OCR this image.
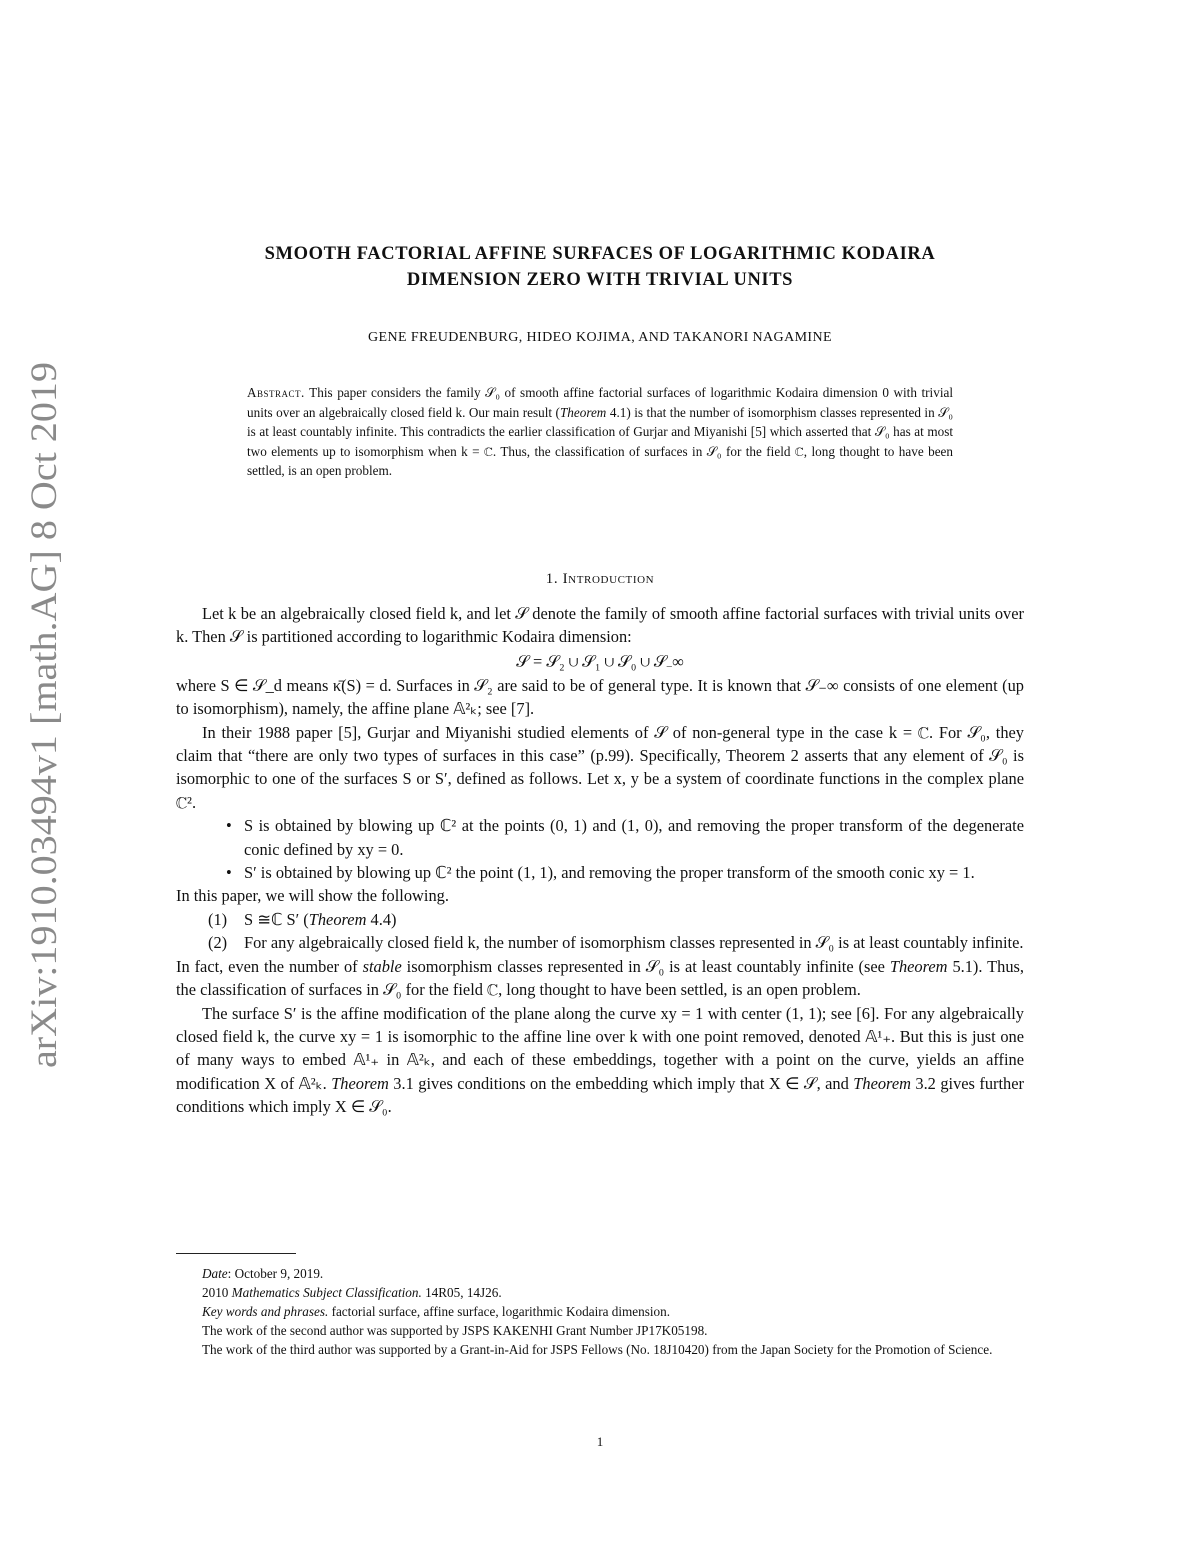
arXiv:1910.03494v1 [math.AG] 8 Oct 2019
SMOOTH FACTORIAL AFFINE SURFACES OF LOGARITHMIC KODAIRA
DIMENSION ZERO WITH TRIVIAL UNITS
GENE FREUDENBURG, HIDEO KOJIMA, AND TAKANORI NAGAMINE
Abstract. This paper considers the family 𝒮₀ of smooth affine factorial surfaces of logarithmic Kodaira dimension 0 with trivial units over an algebraically closed field k. Our main result (Theorem 4.1) is that the number of isomorphism classes represented in 𝒮₀ is at least countably infinite. This contradicts the earlier classification of Gurjar and Miyanishi [5] which asserted that 𝒮₀ has at most two elements up to isomorphism when k = ℂ. Thus, the classification of surfaces in 𝒮₀ for the field ℂ, long thought to have been settled, is an open problem.
1. Introduction

Let k be an algebraically closed field k, and let 𝒮 denote the family of smooth affine factorial surfaces with trivial units over k. Then 𝒮 is partitioned according to logarithmic Kodaira dimension:

𝒮 = 𝒮₂ ∪ 𝒮₁ ∪ 𝒮₀ ∪ 𝒮₋∞

where S ∈ 𝒮_d means κ̄(S) = d. Surfaces in 𝒮₂ are said to be of general type. It is known that 𝒮₋∞ consists of one element (up to isomorphism), namely, the affine plane 𝔸²ₖ; see [7].

In their 1988 paper [5], Gurjar and Miyanishi studied elements of 𝒮 of non-general type in the case k = ℂ. For 𝒮₀, they claim that “there are only two types of surfaces in this case” (p.99). Specifically, Theorem 2 asserts that any element of 𝒮₀ is isomorphic to one of the surfaces S or S′, defined as follows. Let x, y be a system of coordinate functions in the complex plane ℂ².

• S is obtained by blowing up ℂ² at the points (0, 1) and (1, 0), and removing the proper transform of the degenerate conic defined by xy = 0.
• S′ is obtained by blowing up ℂ² the point (1, 1), and removing the proper transform of the smooth conic xy = 1.

In this paper, we will show the following.

(1) S ≅ℂ S′ (Theorem 4.4)
(2) For any algebraically closed field k, the number of isomorphism classes represented in 𝒮₀ is at least countably infinite.

In fact, even the number of stable isomorphism classes represented in 𝒮₀ is at least countably infinite (see Theorem 5.1). Thus, the classification of surfaces in 𝒮₀ for the field ℂ, long thought to have been settled, is an open problem.

The surface S′ is the affine modification of the plane along the curve xy = 1 with center (1, 1); see [6]. For any algebraically closed field k, the curve xy = 1 is isomorphic to the affine line over k with one point removed, denoted 𝔸¹₊. But this is just one of many ways to embed 𝔸¹₊ in 𝔸²ₖ, and each of these embeddings, together with a point on the curve, yields an affine modification X of 𝔸²ₖ. Theorem 3.1 gives conditions on the embedding which imply that X ∈ 𝒮, and Theorem 3.2 gives further conditions which imply X ∈ 𝒮₀.

Date: October 9, 2019.

2010 Mathematics Subject Classification. 14R05, 14J26.

Key words and phrases. factorial surface, affine surface, logarithmic Kodaira dimension.

The work of the second author was supported by JSPS KAKENHI Grant Number JP17K05198.

The work of the third author was supported by a Grant-in-Aid for JSPS Fellows (No. 18J10420) from the Japan Society for the Promotion of Science.

1
